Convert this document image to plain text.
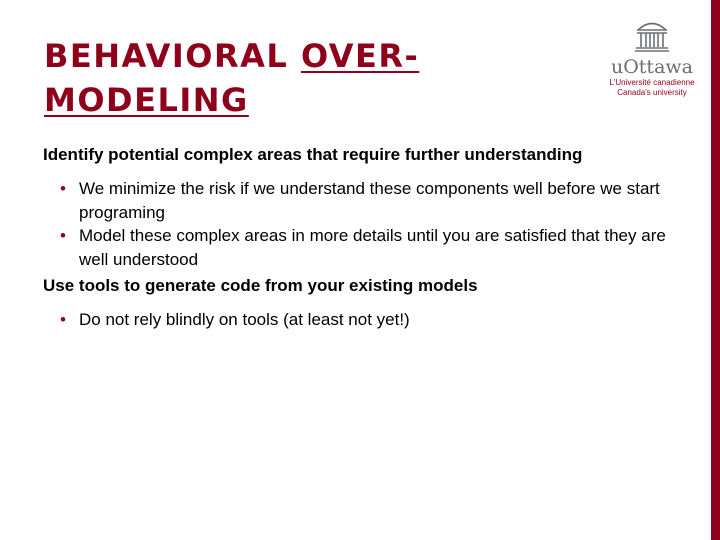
BEHAVIORAL OVER-
MODELING
uOttawa
L'Université canadienne
Canada's university

Identify potential complex areas that require further understanding

• We minimize the risk if we understand these components well before we start programing
• Model these complex areas in more details until you are satisfied that they are well understood

Use tools to generate code from your existing models

• Do not rely blindly on tools (at least not yet!)
